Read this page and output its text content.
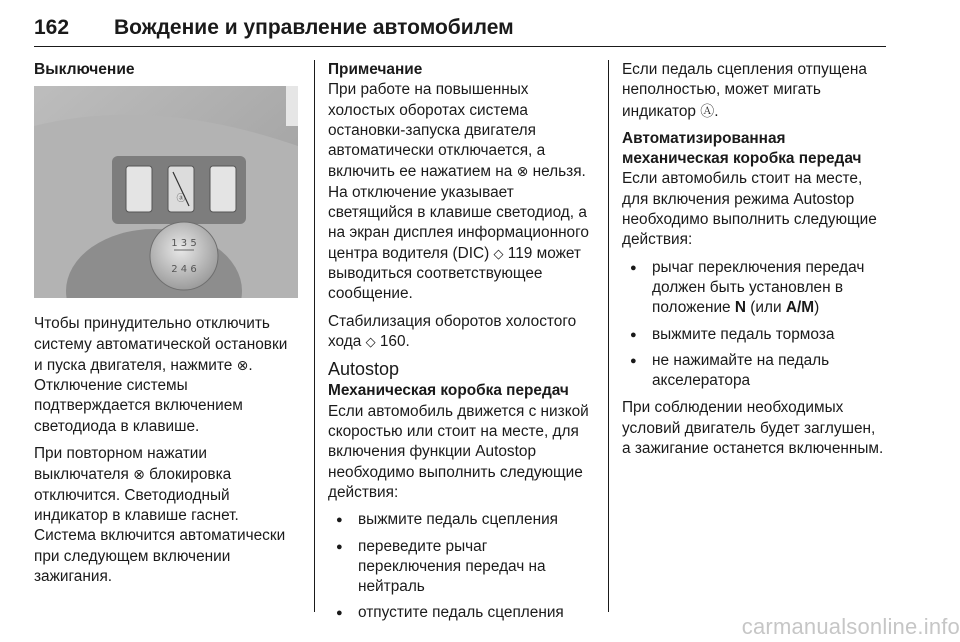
162 Вождение и управление автомобилем
Выключение
ⓐ
1 3 5
2 4 6

Чтобы принудительно отключить систему автоматической остановки и пуска двигателя, нажмите ⊗. Отключение системы подтверждается включением светодиода в клавише.

При повторном нажатии выключателя ⊗ блокировка отключится. Светодиодный индикатор в клавише гаснет. Система включится автоматически при следующем включении зажигания.

Примечание

При работе на повышенных холостых оборотах система остановки-запуска двигателя автоматически отключается, а включить ее нажатием на ⊗ нельзя. На отключение указывает светящийся в клавише светодиод, а на экран дисплея информационного центра водителя (DIC) ◇ 119 может выводиться соответствующее сообщение.

Стабилизация оборотов холостого хода ◇ 160.

Autostop
Механическая коробка передач

Если автомобиль движется с низкой скоростью или стоит на месте, для включения функции Autostop необходимо выполнить следующие действия:

● выжмите педаль сцепления
● переведите рычаг переключения передач на нейтраль
● отпустите педаль сцепления

Если педаль сцепления отпущена неполностью, может мигать индикатор Ⓐ.

Автоматизированная механическая коробка передач

Если автомобиль стоит на месте, для включения режима Autostop необходимо выполнить следующие действия:

● рычаг переключения передач должен быть установлен в положение N (или A/M)
● выжмите педаль тормоза
● не нажимайте на педаль акселератора

При соблюдении необходимых условий двигатель будет заглушен, а зажигание останется включенным.

carmanualsonline.info
